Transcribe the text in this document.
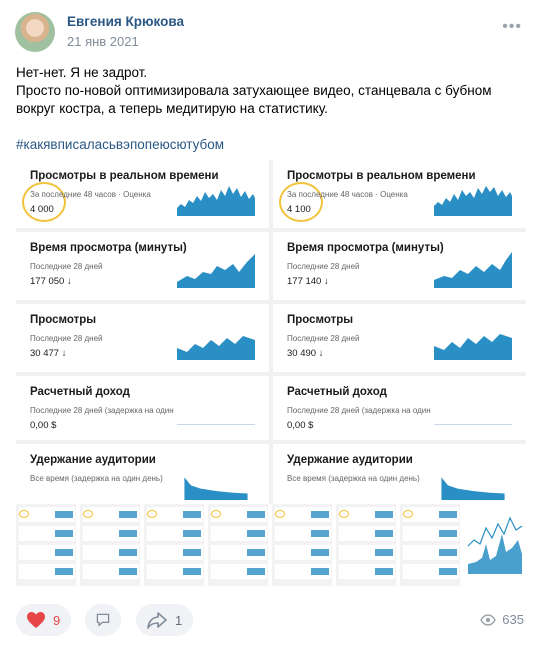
Евгения Крюкова
21 янв 2021
•••

Нет-нет. Я не задрот.

Просто по-новой оптимизировала затухающее видео, станцевала с бубном вокруг костра, а теперь медитирую на статистику.

#какявписаласьвэпопеюсютубом
Просмотры в реальном времени
За последние 48 часов · Оценка
4 000
Время просмотра (минуты)
Последние 28 дней
177 050 ↓
Просмотры
Последние 28 дней
30 477 ↓
Расчетный доход
Последние 28 дней (задержка на один
0,00 $
Удержание аудитории
Все время (задержка на один день)
Просмотры в реальном времени
За последние 48 часов · Оценка
4 100
Время просмотра (минуты)
Последние 28 дней
177 140 ↓
Просмотры
Последние 28 дней
30 490 ↓
Расчетный доход
Последние 28 дней (задержка на один
0,00 $
Удержание аудитории
Все время (задержка на один день)
9	1	635
